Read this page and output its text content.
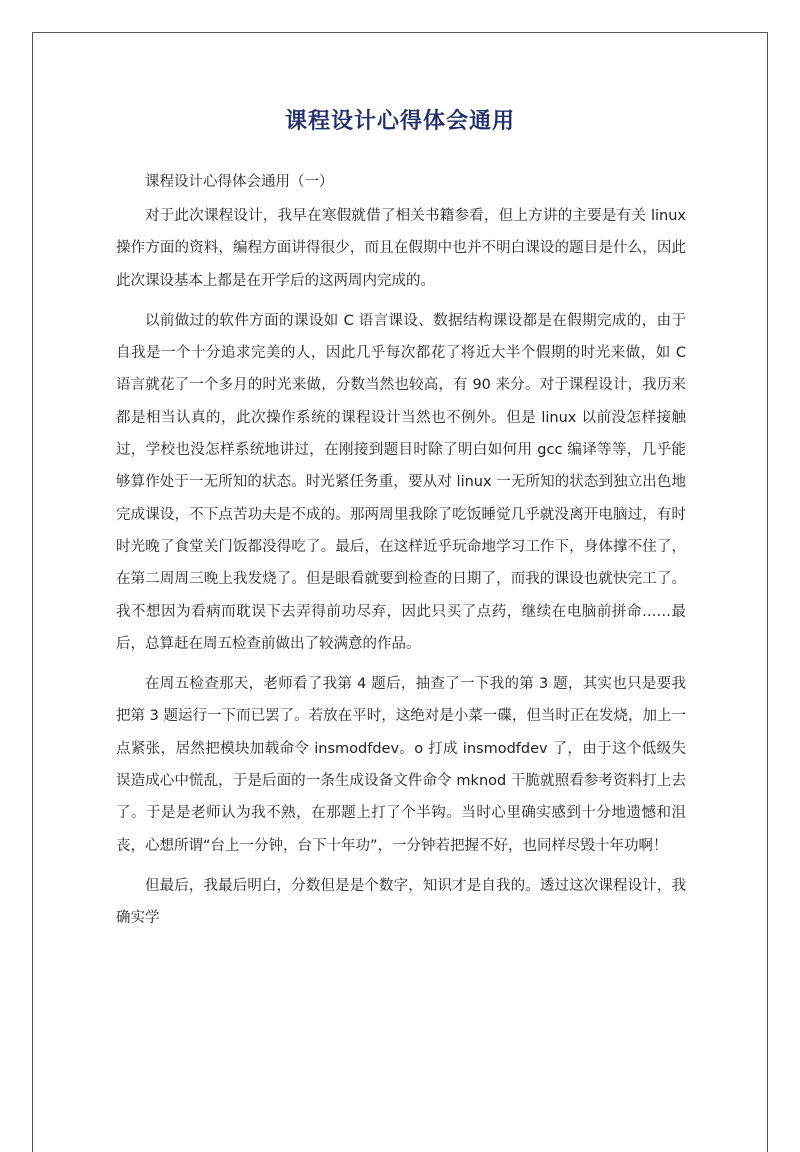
课程设计心得体会通用

课程设计心得体会通用（一）

对于此次课程设计，我早在寒假就借了相关书籍参看，但上方讲的主要是有关 linux 操作方面的资料，编程方面讲得很少，而且在假期中也并不明白课设的题目是什么，因此此次课设基本上都是在开学后的这两周内完成的。

以前做过的软件方面的课设如 C 语言课设、数据结构课设都是在假期完成的，由于自我是一个十分追求完美的人，因此几乎每次都花了将近大半个假期的时光来做，如 C 语言就花了一个多月的时光来做，分数当然也较高，有 90 来分。对于课程设计，我历来都是相当认真的，此次操作系统的课程设计当然也不例外。但是 linux 以前没怎样接触过，学校也没怎样系统地讲过，在刚接到题目时除了明白如何用 gcc 编译等等，几乎能够算作处于一无所知的状态。时光紧任务重，要从对 linux 一无所知的状态到独立出色地完成课设，不下点苦功夫是不成的。那两周里我除了吃饭睡觉几乎就没离开电脑过，有时时光晚了食堂关门饭都没得吃了。最后，在这样近乎玩命地学习工作下，身体撑不住了，在第二周周三晚上我发烧了。但是眼看就要到检查的日期了，而我的课设也就快完工了。我不想因为看病而耽误下去弄得前功尽弃，因此只买了点药，继续在电脑前拼命……最后，总算赶在周五检查前做出了较满意的作品。

在周五检查那天，老师看了我第 4 题后，抽查了一下我的第 3 题，其实也只是要我把第 3 题运行一下而已罢了。若放在平时，这绝对是小菜一碟，但当时正在发烧，加上一点紧张，居然把模块加载命令 insmodfdev。o 打成 insmodfdev 了，由于这个低级失误造成心中慌乱，于是后面的一条生成设备文件命令 mknod 干脆就照看参考资料打上去了。于是是老师认为我不熟，在那题上打了个半钩。当时心里确实感到十分地遗憾和沮丧，心想所谓“台上一分钟，台下十年功”，一分钟若把握不好，也同样尽毁十年功啊！

但最后，我最后明白，分数但是是个数字，知识才是自我的。透过这次课程设计，我确实学
